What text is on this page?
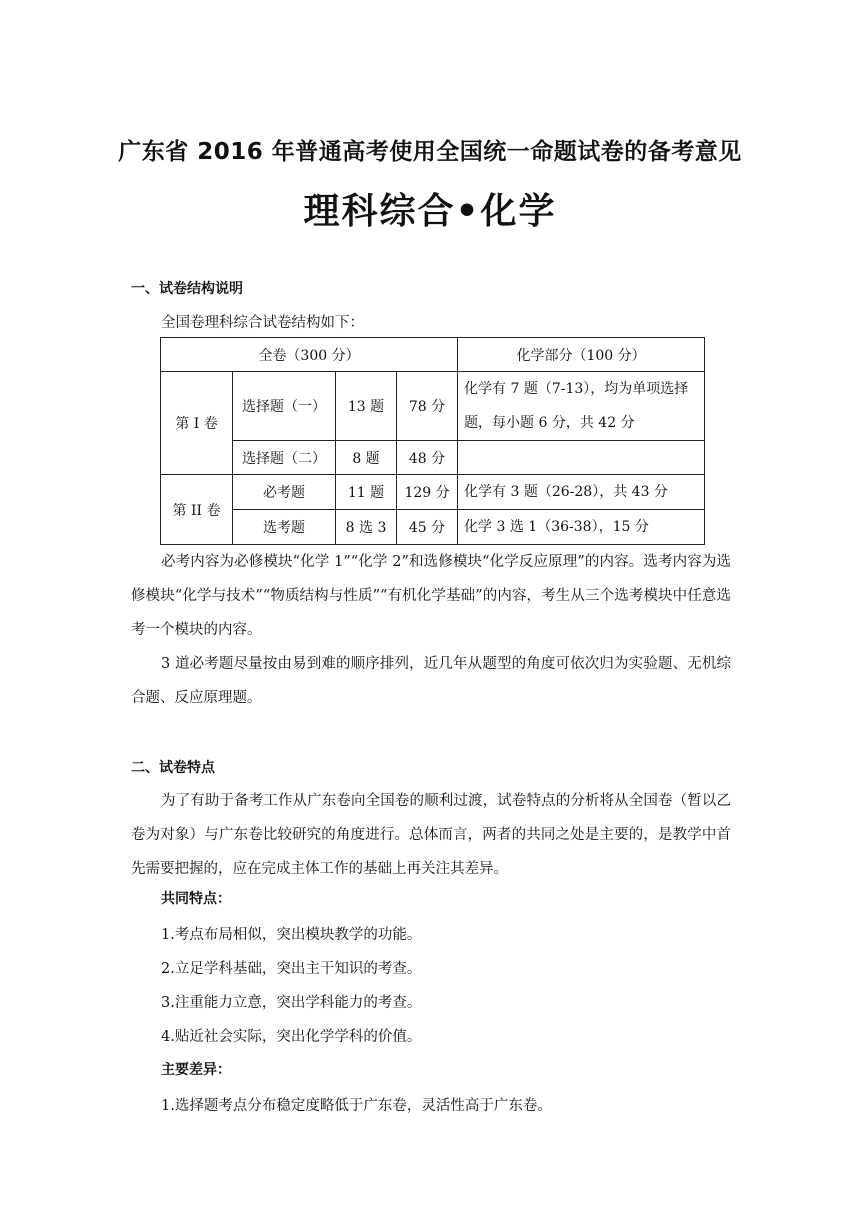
广东省 2016 年普通高考使用全国统一命题试卷的备考意见
理科综合•化学
一、试卷结构说明
全国卷理科综合试卷结构如下：
全卷（300 分）				化学部分（100 分）
第 I 卷	选择题（一）	13 题	78 分	化学有 7 题（7-13），均为单项选择题，每小题 6 分，共 42 分
	选择题（二）	8 题	48 分	
第 II 卷	必考题	11 题	129 分	化学有 3 题（26-28），共 43 分
	选考题	8 选 3	45 分	化学 3 选 1（36-38），15 分
必考内容为必修模块“化学 1”“化学 2”和选修模块“化学反应原理”的内容。选考内容为选修模块“化学与技术”“物质结构与性质”“有机化学基础”的内容，考生从三个选考模块中任意选考一个模块的内容。
3 道必考题尽量按由易到难的顺序排列，近几年从题型的角度可依次归为实验题、无机综合题、反应原理题。
二、试卷特点
为了有助于备考工作从广东卷向全国卷的顺利过渡，试卷特点的分析将从全国卷（暂以乙卷为对象）与广东卷比较研究的角度进行。总体而言，两者的共同之处是主要的，是教学中首先需要把握的，应在完成主体工作的基础上再关注其差异。
共同特点：
1.考点布局相似，突出模块教学的功能。
2.立足学科基础，突出主干知识的考查。
3.注重能力立意，突出学科能力的考查。
4.贴近社会实际，突出化学学科的价值。
主要差异：
1.选择题考点分布稳定度略低于广东卷，灵活性高于广东卷。
